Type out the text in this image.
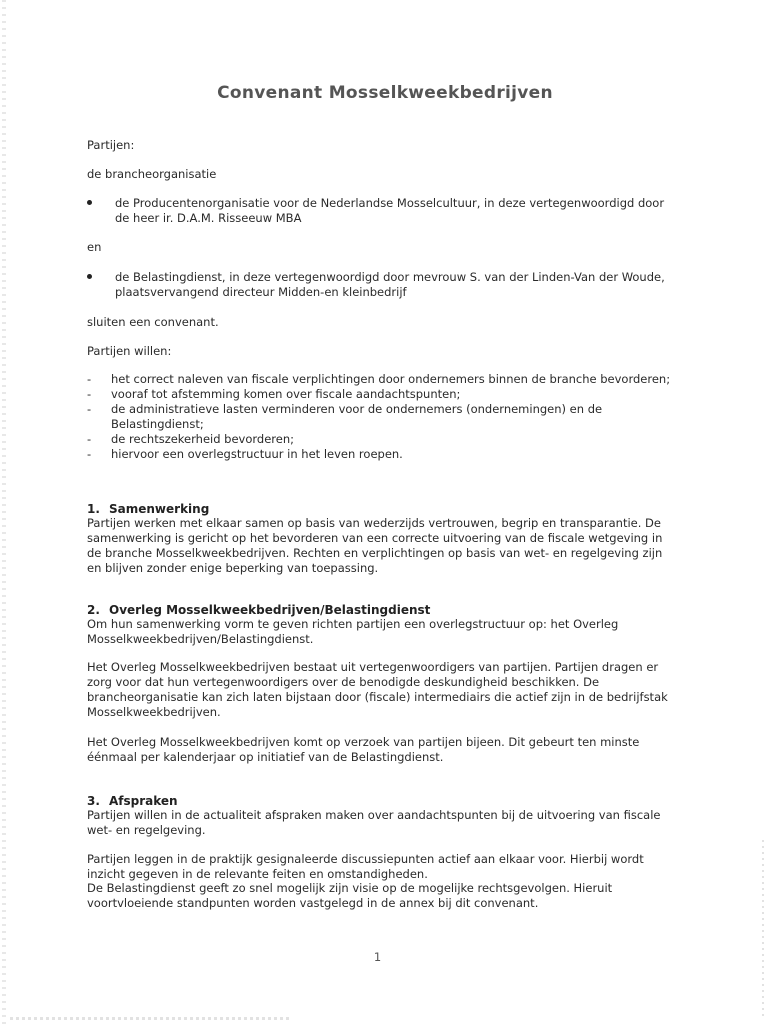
Convenant Mosselkweekbedrijven
Partijen:
de brancheorganisatie
de Producentenorganisatie voor de Nederlandse Mosselcultuur, in deze vertegenwoordigd door de heer ir. D.A.M. Risseeuw MBA
en
de Belastingdienst, in deze vertegenwoordigd door mevrouw S. van der Linden-Van der Woude, plaatsvervangend directeur Midden-en kleinbedrijf
sluiten een convenant.
Partijen willen:
- het correct naleven van fiscale verplichtingen door ondernemers binnen de branche bevorderen;
- vooraf tot afstemming komen over fiscale aandachtspunten;
- de administratieve lasten verminderen voor de ondernemers (ondernemingen) en de Belastingdienst;
- de rechtszekerheid bevorderen;
- hiervoor een overlegstructuur in het leven roepen.
1. Samenwerking
Partijen werken met elkaar samen op basis van wederzijds vertrouwen, begrip en transparantie. De samenwerking is gericht op het bevorderen van een correcte uitvoering van de fiscale wetgeving in de branche Mosselkweekbedrijven. Rechten en verplichtingen op basis van wet- en regelgeving zijn en blijven zonder enige beperking van toepassing.
2. Overleg Mosselkweekbedrijven/Belastingdienst
Om hun samenwerking vorm te geven richten partijen een overlegstructuur op: het Overleg Mosselkweekbedrijven/Belastingdienst.
Het Overleg Mosselkweekbedrijven bestaat uit vertegenwoordigers van partijen. Partijen dragen er zorg voor dat hun vertegenwoordigers over de benodigde deskundigheid beschikken. De brancheorganisatie kan zich laten bijstaan door (fiscale) intermediairs die actief zijn in de bedrijfstak Mosselkweekbedrijven.
Het Overleg Mosselkweekbedrijven komt op verzoek van partijen bijeen. Dit gebeurt ten minste éénmaal per kalenderjaar op initiatief van de Belastingdienst.
3. Afspraken
Partijen willen in de actualiteit afspraken maken over aandachtspunten bij de uitvoering van fiscale wet- en regelgeving.
Partijen leggen in de praktijk gesignaleerde discussiepunten actief aan elkaar voor. Hierbij wordt inzicht gegeven in de relevante feiten en omstandigheden.
De Belastingdienst geeft zo snel mogelijk zijn visie op de mogelijke rechtsgevolgen. Hieruit voortvloeiende standpunten worden vastgelegd in de annex bij dit convenant.
1
